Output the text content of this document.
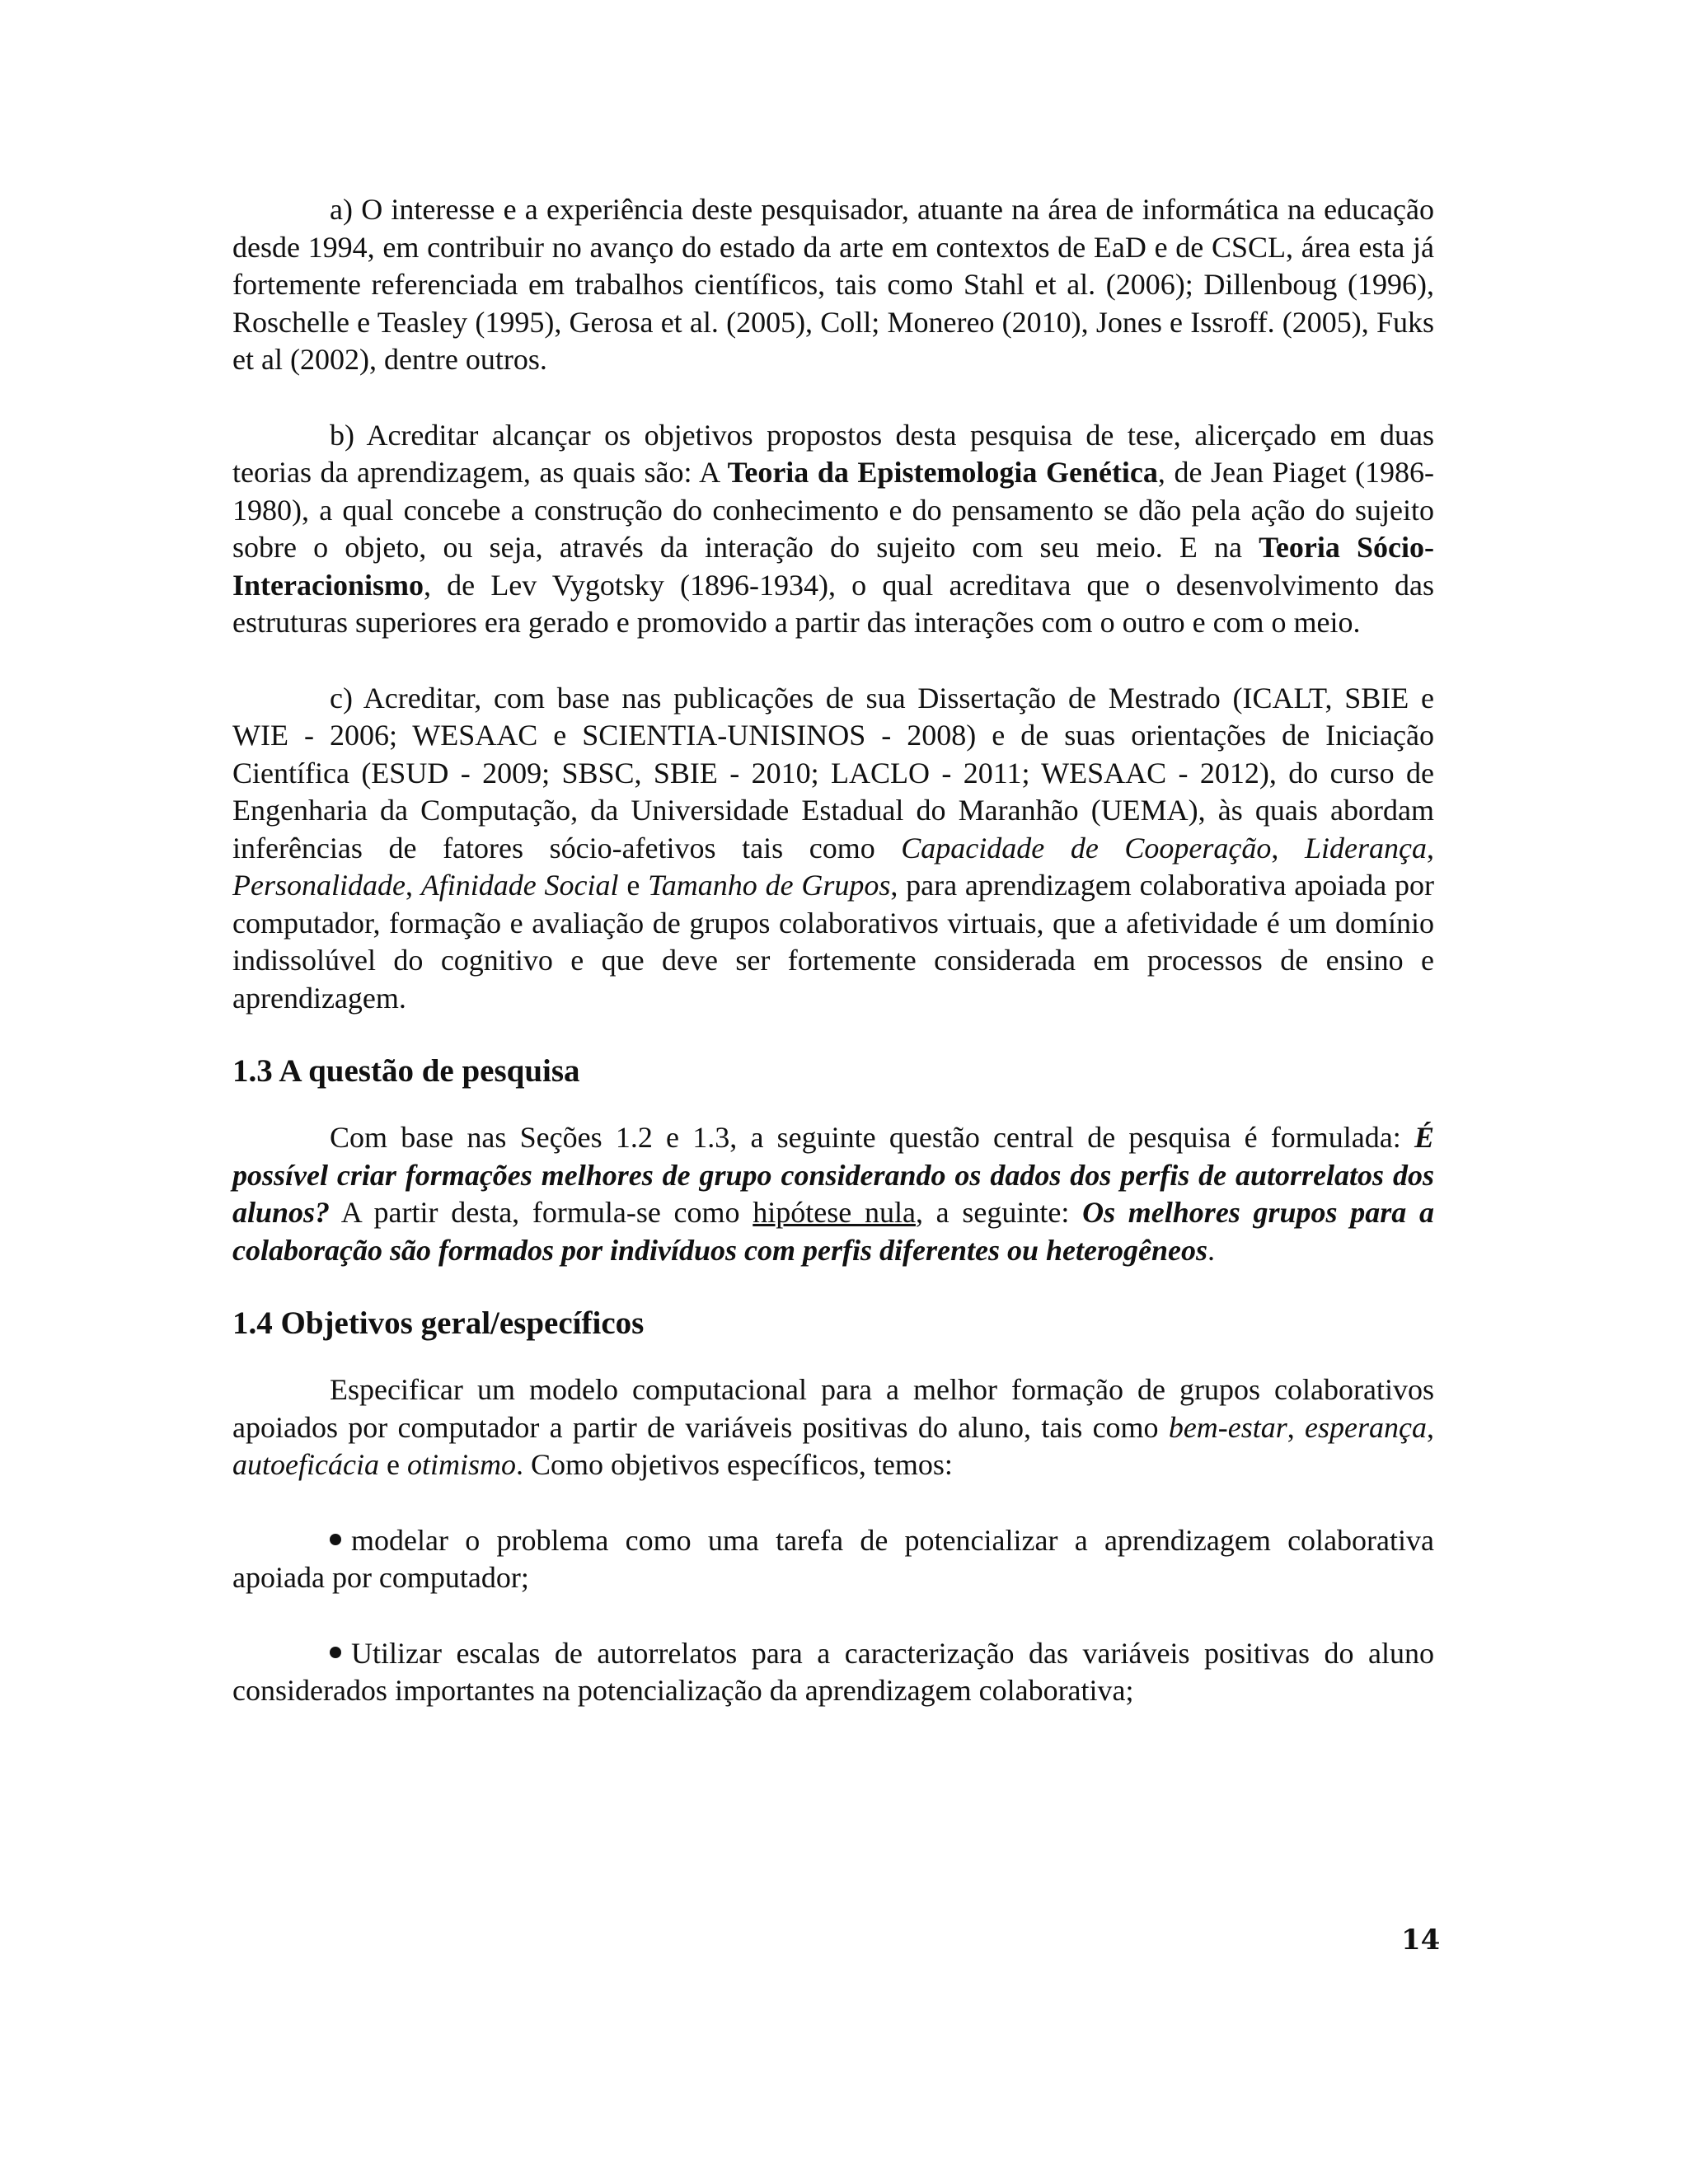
a) O interesse e a experiência deste pesquisador, atuante na área de informática na educação desde 1994, em contribuir no avanço do estado da arte em contextos de EaD e de CSCL, área esta já fortemente referenciada em trabalhos científicos, tais como Stahl et al. (2006); Dillenboug (1996), Roschelle e Teasley (1995), Gerosa et al. (2005), Coll; Monereo (2010), Jones e Issroff. (2005), Fuks et al (2002), dentre outros.

b) Acreditar alcançar os objetivos propostos desta pesquisa de tese, alicerçado em duas teorias da aprendizagem, as quais são: A Teoria da Epistemologia Genética, de Jean Piaget (1986-1980), a qual concebe a construção do conhecimento e do pensamento se dão pela ação do sujeito sobre o objeto, ou seja, através da interação do sujeito com seu meio. E na Teoria Sócio-Interacionismo, de Lev Vygotsky (1896-1934), o qual acreditava que o desenvolvimento das estruturas superiores era gerado e promovido a partir das interações com o outro e com o meio.

c) Acreditar, com base nas publicações de sua Dissertação de Mestrado (ICALT, SBIE e WIE - 2006; WESAAC e SCIENTIA-UNISINOS - 2008) e de suas orientações de Iniciação Científica (ESUD - 2009; SBSC, SBIE - 2010; LACLO - 2011; WESAAC - 2012), do curso de Engenharia da Computação, da Universidade Estadual do Maranhão (UEMA), às quais abordam inferências de fatores sócio-afetivos tais como Capacidade de Cooperação, Liderança, Personalidade, Afinidade Social e Tamanho de Grupos, para aprendizagem colaborativa apoiada por computador, formação e avaliação de grupos colaborativos virtuais, que a afetividade é um domínio indissolúvel do cognitivo e que deve ser fortemente considerada em processos de ensino e aprendizagem.

1.3 A questão de pesquisa

Com base nas Seções 1.2 e 1.3, a seguinte questão central de pesquisa é formulada: É possível criar formações melhores de grupo considerando os dados dos perfis de autorrelatos dos alunos? A partir desta, formula-se como hipótese nula, a seguinte: Os melhores grupos para a colaboração são formados por indivíduos com perfis diferentes ou heterogêneos.

1.4 Objetivos geral/específicos

Especificar um modelo computacional para a melhor formação de grupos colaborativos apoiados por computador a partir de variáveis positivas do aluno, tais como bem-estar, esperança, autoeficácia e otimismo. Como objetivos específicos, temos:

modelar o problema como uma tarefa de potencializar a aprendizagem colaborativa apoiada por computador;

Utilizar escalas de autorrelatos para a caracterização das variáveis positivas do aluno considerados importantes na potencialização da aprendizagem colaborativa;

14
